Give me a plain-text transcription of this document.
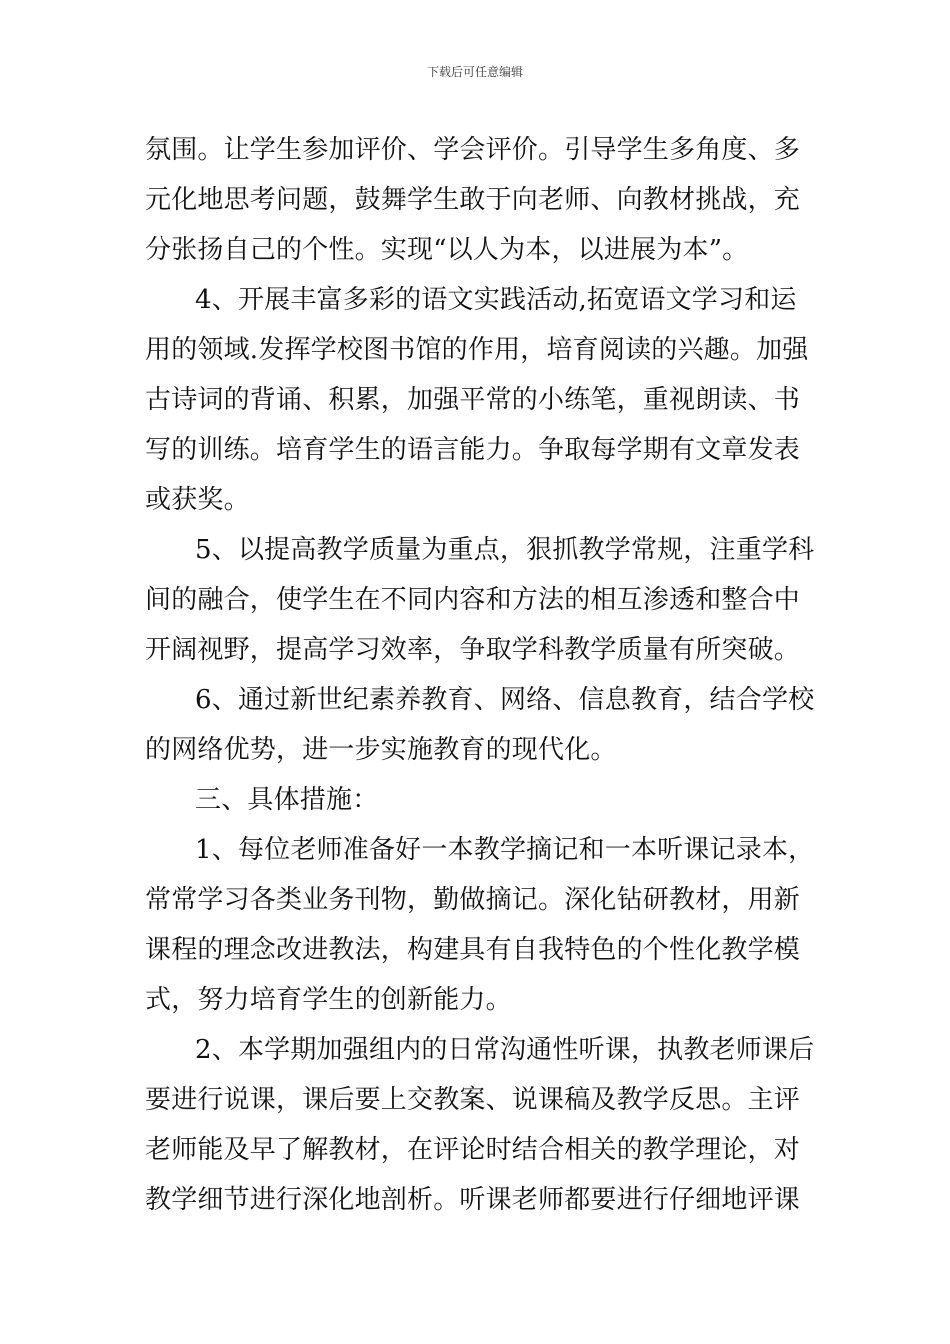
下载后可任意编辑
氛围。让学生参加评价、学会评价。引导学生多角度、多
元化地思考问题，鼓舞学生敢于向老师、向教材挑战，充
分张扬自己的个性。实现“以人为本，以进展为本”。
4、开展丰富多彩的语文实践活动,拓宽语文学习和运
用的领域.发挥学校图书馆的作用，培育阅读的兴趣。加强
古诗词的背诵、积累，加强平常的小练笔，重视朗读、书
写的训练。培育学生的语言能力。争取每学期有文章发表
或获奖。
5、以提高教学质量为重点，狠抓教学常规，注重学科
间的融合，使学生在不同内容和方法的相互渗透和整合中
开阔视野，提高学习效率，争取学科教学质量有所突破。
6、通过新世纪素养教育、网络、信息教育，结合学校
的网络优势，进一步实施教育的现代化。
三、具体措施：
1、每位老师准备好一本教学摘记和一本听课记录本，
常常学习各类业务刊物，勤做摘记。深化钻研教材，用新
课程的理念改进教法，构建具有自我特色的个性化教学模
式，努力培育学生的创新能力。
2、本学期加强组内的日常沟通性听课，执教老师课后
要进行说课，课后要上交教案、说课稿及教学反思。主评
老师能及早了解教材，在评论时结合相关的教学理论，对
教学细节进行深化地剖析。听课老师都要进行仔细地评课
